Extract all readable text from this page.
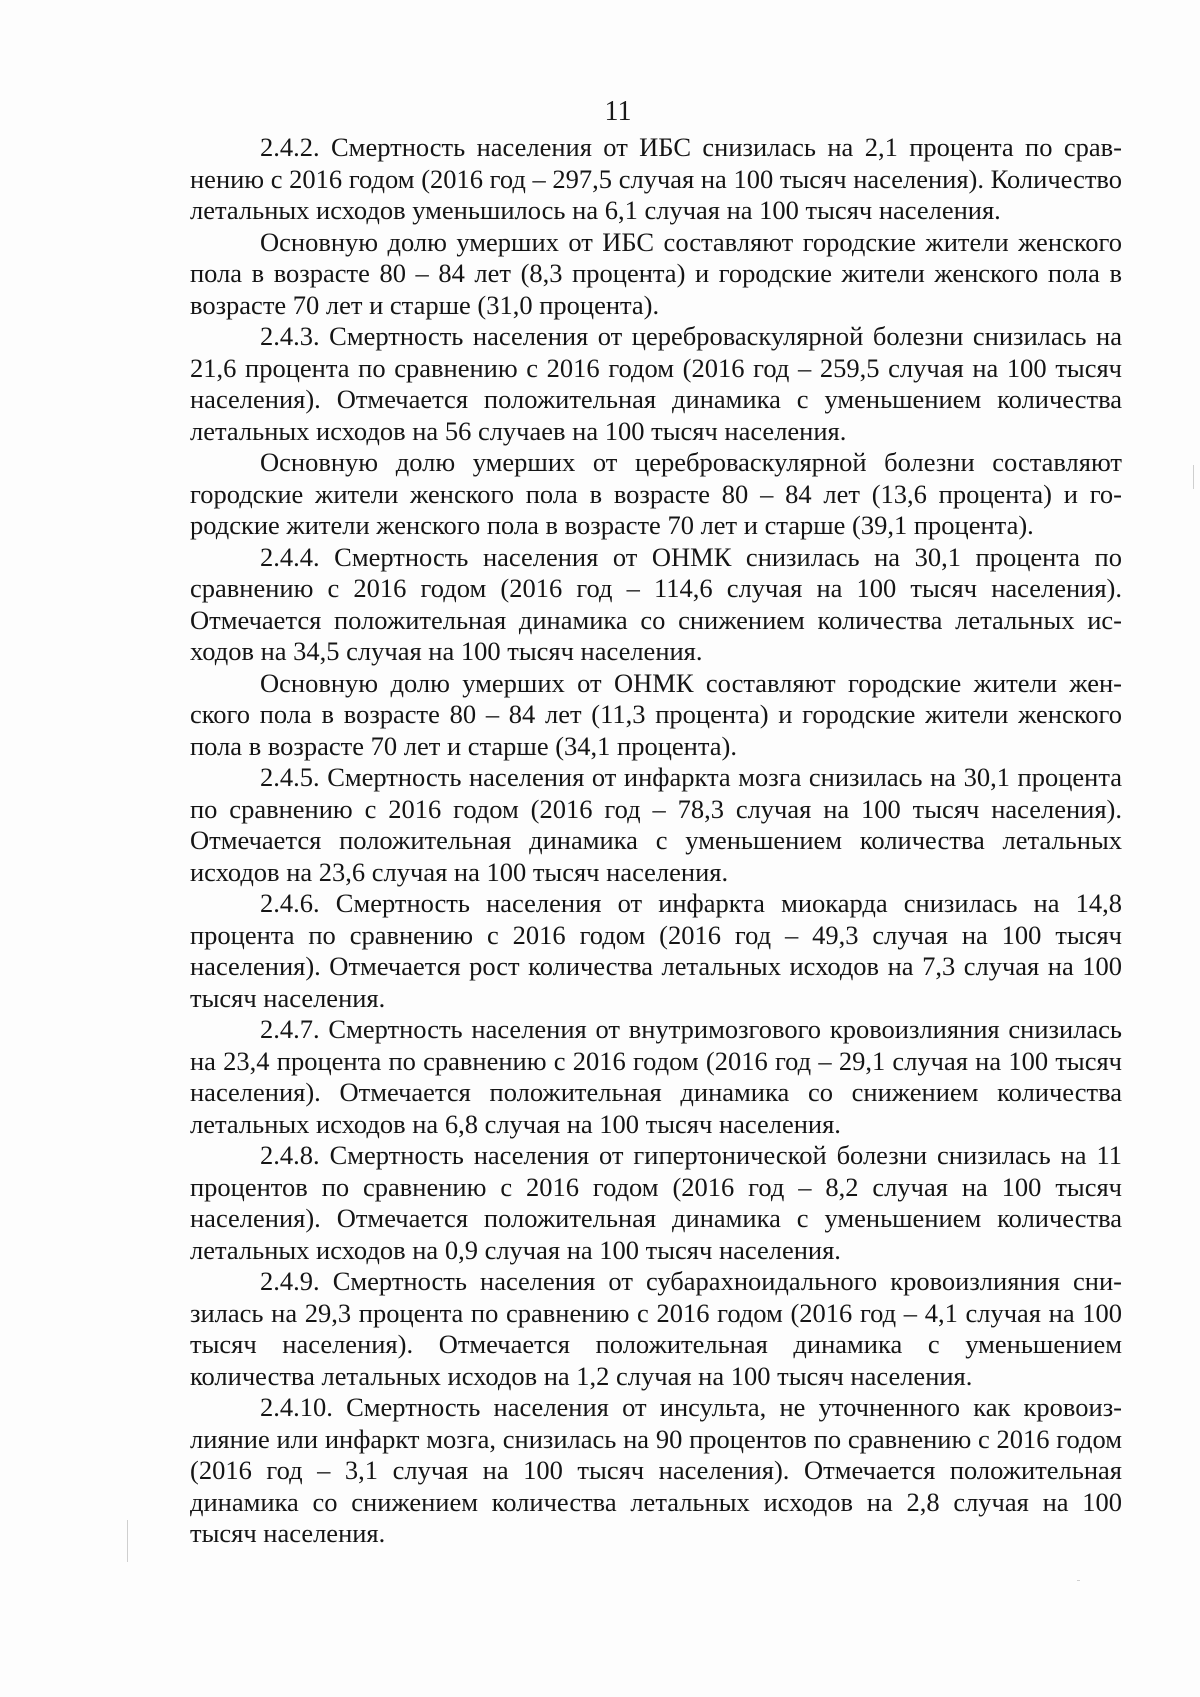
11

2.4.2. Смертность населения от ИБС снизилась на 2,1 процента по сравнению с 2016 годом (2016 год – 297,5 случая на 100 тысяч населения). Количество летальных исходов уменьшилось на 6,1 случая на 100 тысяч населения.

Основную долю умерших от ИБС составляют городские жители женского пола в возрасте 80 – 84 лет (8,3 процента) и городские жители женского пола в возрасте 70 лет и старше (31,0 процента).

2.4.3. Смертность населения от цереброваскулярной болезни снизилась на 21,6 процента по сравнению с 2016 годом (2016 год – 259,5 случая на 100 тысяч населения). Отмечается положительная динамика с уменьшением количества летальных исходов на 56 случаев на 100 тысяч населения.

Основную долю умерших от цереброваскулярной болезни составляют городские жители женского пола в возрасте 80 – 84 лет (13,6 процента) и городские жители женского пола в возрасте 70 лет и старше (39,1 процента).

2.4.4. Смертность населения от ОНМК снизилась на 30,1 процента по сравнению с 2016 годом (2016 год – 114,6 случая на 100 тысяч населения). Отмечается положительная динамика со снижением количества летальных исходов на 34,5 случая на 100 тысяч населения.

Основную долю умерших от ОНМК составляют городские жители женского пола в возрасте 80 – 84 лет (11,3 процента) и городские жители женского пола в возрасте 70 лет и старше (34,1 процента).

2.4.5. Смертность населения от инфаркта мозга снизилась на 30,1 процента по сравнению с 2016 годом (2016 год – 78,3 случая на 100 тысяч населения). Отмечается положительная динамика с уменьшением количества летальных исходов на 23,6 случая на 100 тысяч населения.

2.4.6. Смертность населения от инфаркта миокарда снизилась на 14,8 процента по сравнению с 2016 годом (2016 год – 49,3 случая на 100 тысяч населения). Отмечается рост количества летальных исходов на 7,3 случая на 100 тысяч населения.

2.4.7. Смертность населения от внутримозгового кровоизлияния снизилась на 23,4 процента по сравнению с 2016 годом (2016 год – 29,1 случая на 100 тысяч населения). Отмечается положительная динамика со снижением количества летальных исходов на 6,8 случая на 100 тысяч населения.

2.4.8. Смертность населения от гипертонической болезни снизилась на 11 процентов по сравнению с 2016 годом (2016 год – 8,2 случая на 100 тысяч населения). Отмечается положительная динамика с уменьшением количества летальных исходов на 0,9 случая на 100 тысяч населения.

2.4.9. Смертность населения от субарахноидального кровоизлияния снизилась на 29,3 процента по сравнению с 2016 годом (2016 год – 4,1 случая на 100 тысяч населения). Отмечается положительная динамика с уменьшением количества летальных исходов на 1,2 случая на 100 тысяч населения.

2.4.10. Смертность населения от инсульта, не уточненного как кровоизлияние или инфаркт мозга, снизилась на 90 процентов по сравнению с 2016 годом (2016 год – 3,1 случая на 100 тысяч населения). Отмечается положительная динамика со снижением количества летальных исходов на 2,8 случая на 100 тысяч населения.
